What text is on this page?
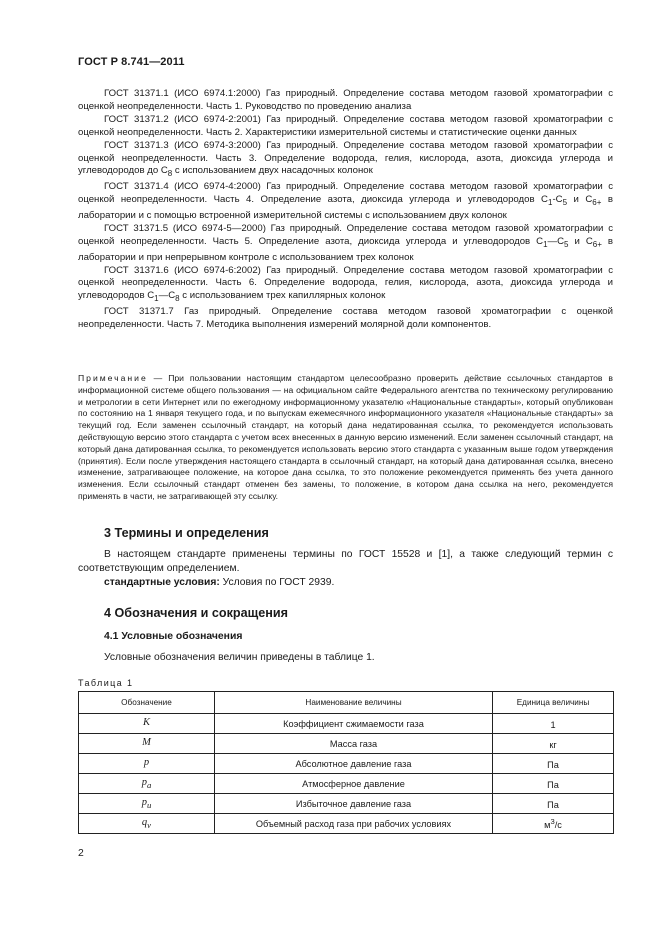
ГОСТ Р 8.741—2011

ГОСТ 31371.1 (ИСО 6974.1:2000) Газ природный. Определение состава методом газовой хроматографии с оценкой неопределенности. Часть 1. Руководство по проведению анализа

ГОСТ 31371.2 (ИСО 6974-2:2001) Газ природный. Определение состава методом газовой хроматографии с оценкой неопределенности. Часть 2. Характеристики измерительной системы и статистические оценки данных

ГОСТ 31371.3 (ИСО 6974-3:2000) Газ природный. Определение состава методом газовой хроматографии с оценкой неопределенности. Часть 3. Определение водорода, гелия, кислорода, азота, диоксида углерода и углеводородов до $С_8$ с использованием двух насадочных колонок

ГОСТ 31371.4 (ИСО 6974-4:2000) Газ природный. Определение состава методом газовой хроматографии с оценкой неопределенности. Часть 4. Определение азота, диоксида углерода и углеводородов $С_1-С_5$ и $С_{6+}$ в лаборатории и с помощью встроенной измерительной системы с использованием двух колонок

ГОСТ 31371.5 (ИСО 6974-5—2000) Газ природный. Определение состава методом газовой хроматографии с оценкой неопределенности. Часть 5. Определение азота, диоксида углерода и углеводородов $С_1—С_5$ и $С_{6+}$ в лаборатории и при непрерывном контроле с использованием трех колонок

ГОСТ 31371.6 (ИСО 6974-6:2002) Газ природный. Определение состава методом газовой хроматографии с оценкой неопределенности. Часть 6. Определение водорода, гелия, кислорода, азота, диоксида углерода и углеводородов $С_1—С_8$ с использованием трех капиллярных колонок

ГОСТ 31371.7 Газ природный. Определение состава методом газовой хроматографии с оценкой неопределенности. Часть 7. Методика выполнения измерений молярной доли компонентов.

Примечание — При пользовании настоящим стандартом целесообразно проверить действие ссылочных стандартов в информационной системе общего пользования — на официальном сайте Федерального агентства по техническому регулированию и метрологии в сети Интернет или по ежегодному информационному указателю «Национальные стандарты», который опубликован по состоянию на 1 января текущего года, и по выпускам ежемесячного информационного указателя «Национальные стандарты» за текущий год. Если заменен ссылочный стандарт, на который дана недатированная ссылка, то рекомендуется использовать действующую версию этого стандарта с учетом всех внесенных в данную версию изменений. Если заменен ссылочный стандарт, на который дана датированная ссылка, то рекомендуется использовать версию этого стандарта с указанным выше годом утверждения (принятия). Если после утверждения настоящего стандарта в ссылочный стандарт, на который дана датированная ссылка, внесено изменение, затрагивающее положение, на которое дана ссылка, то это положение рекомендуется применять без учета данного изменения. Если ссылочный стандарт отменен без замены, то положение, в котором дана ссылка на него, рекомендуется применять в части, не затрагивающей эту ссылку.
3 Термины и определения

В настоящем стандарте применены термины по ГОСТ 15528 и [1], а также следующий термин с соответствующим определением.

стандартные условия: Условия по ГОСТ 2939.
4 Обозначения и сокращения
4.1 Условные обозначения

Условные обозначения величин приведены в таблице 1.

Таблица 1
Обозначение	Наименование величины	Единица величины
K	Коэффициент сжимаемости газа	1
M	Масса газа	кг
p	Абсолютное давление газа	Па
$p_а$	Атмосферное давление	Па
$p_и$	Избыточное давление газа	Па
$q_v$	Объемный расход газа при рабочих условиях	$м^3/с$
2
